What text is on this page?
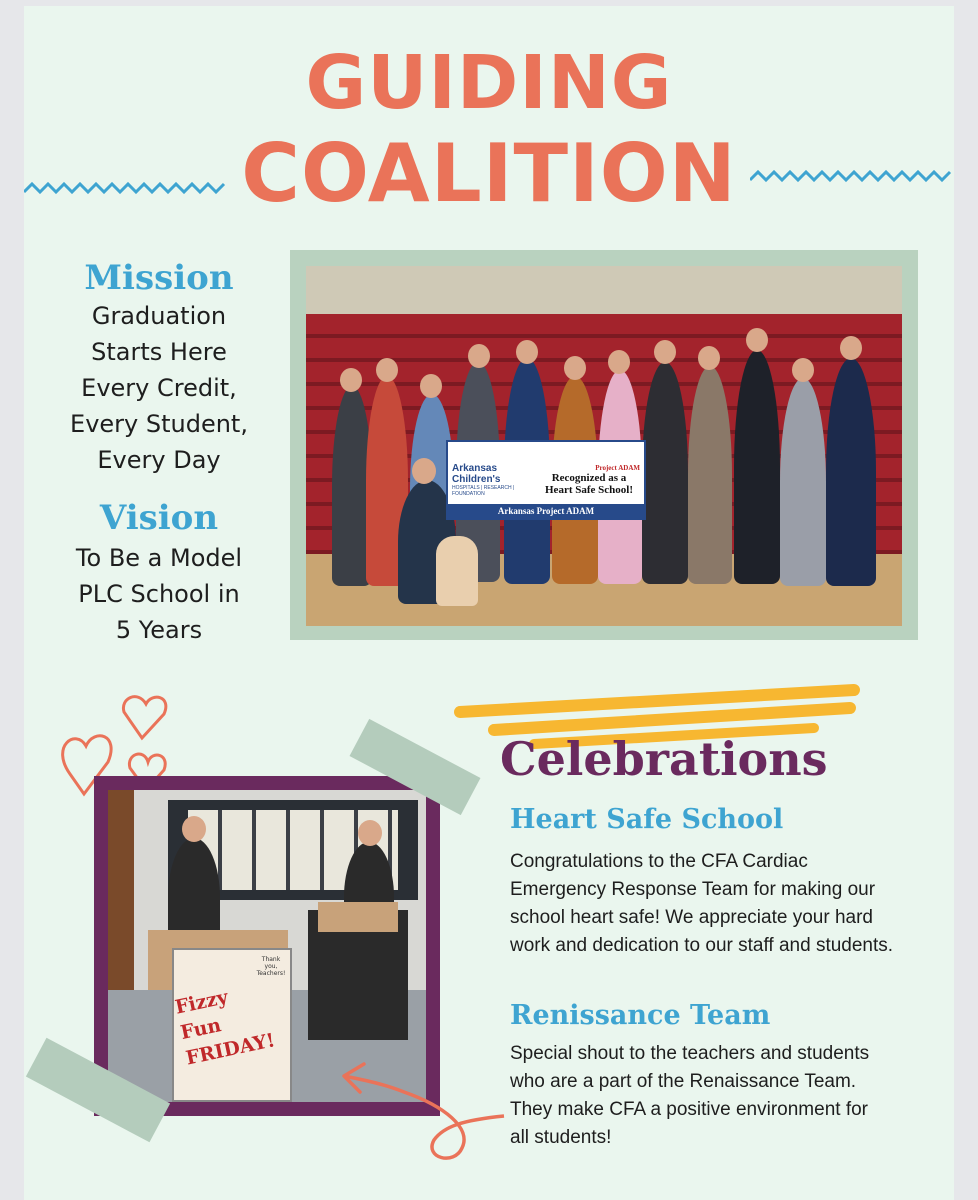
GUIDING
COALITION
Mission
Graduation
Starts Here
Every Credit,
Every Student,
Every Day
Vision
To Be a Model
PLC School in
5 Years
Arkansas Children's
HOSPITALS | RESEARCH | FOUNDATION
Project ADAM
Recognized as a Heart Safe School!
Arkansas Project ADAM
Fizzy Fun FRIDAY!
Thank you, Teachers!
Celebrations
Heart Safe School
Congratulations to the CFA Cardiac Emergency Response Team for making our school heart safe! We appreciate your hard work and dedication to our staff and students.
Renissance Team
Special shout to the teachers and students who are a part of the Renaissance Team. They make CFA a positive environment for all students!
